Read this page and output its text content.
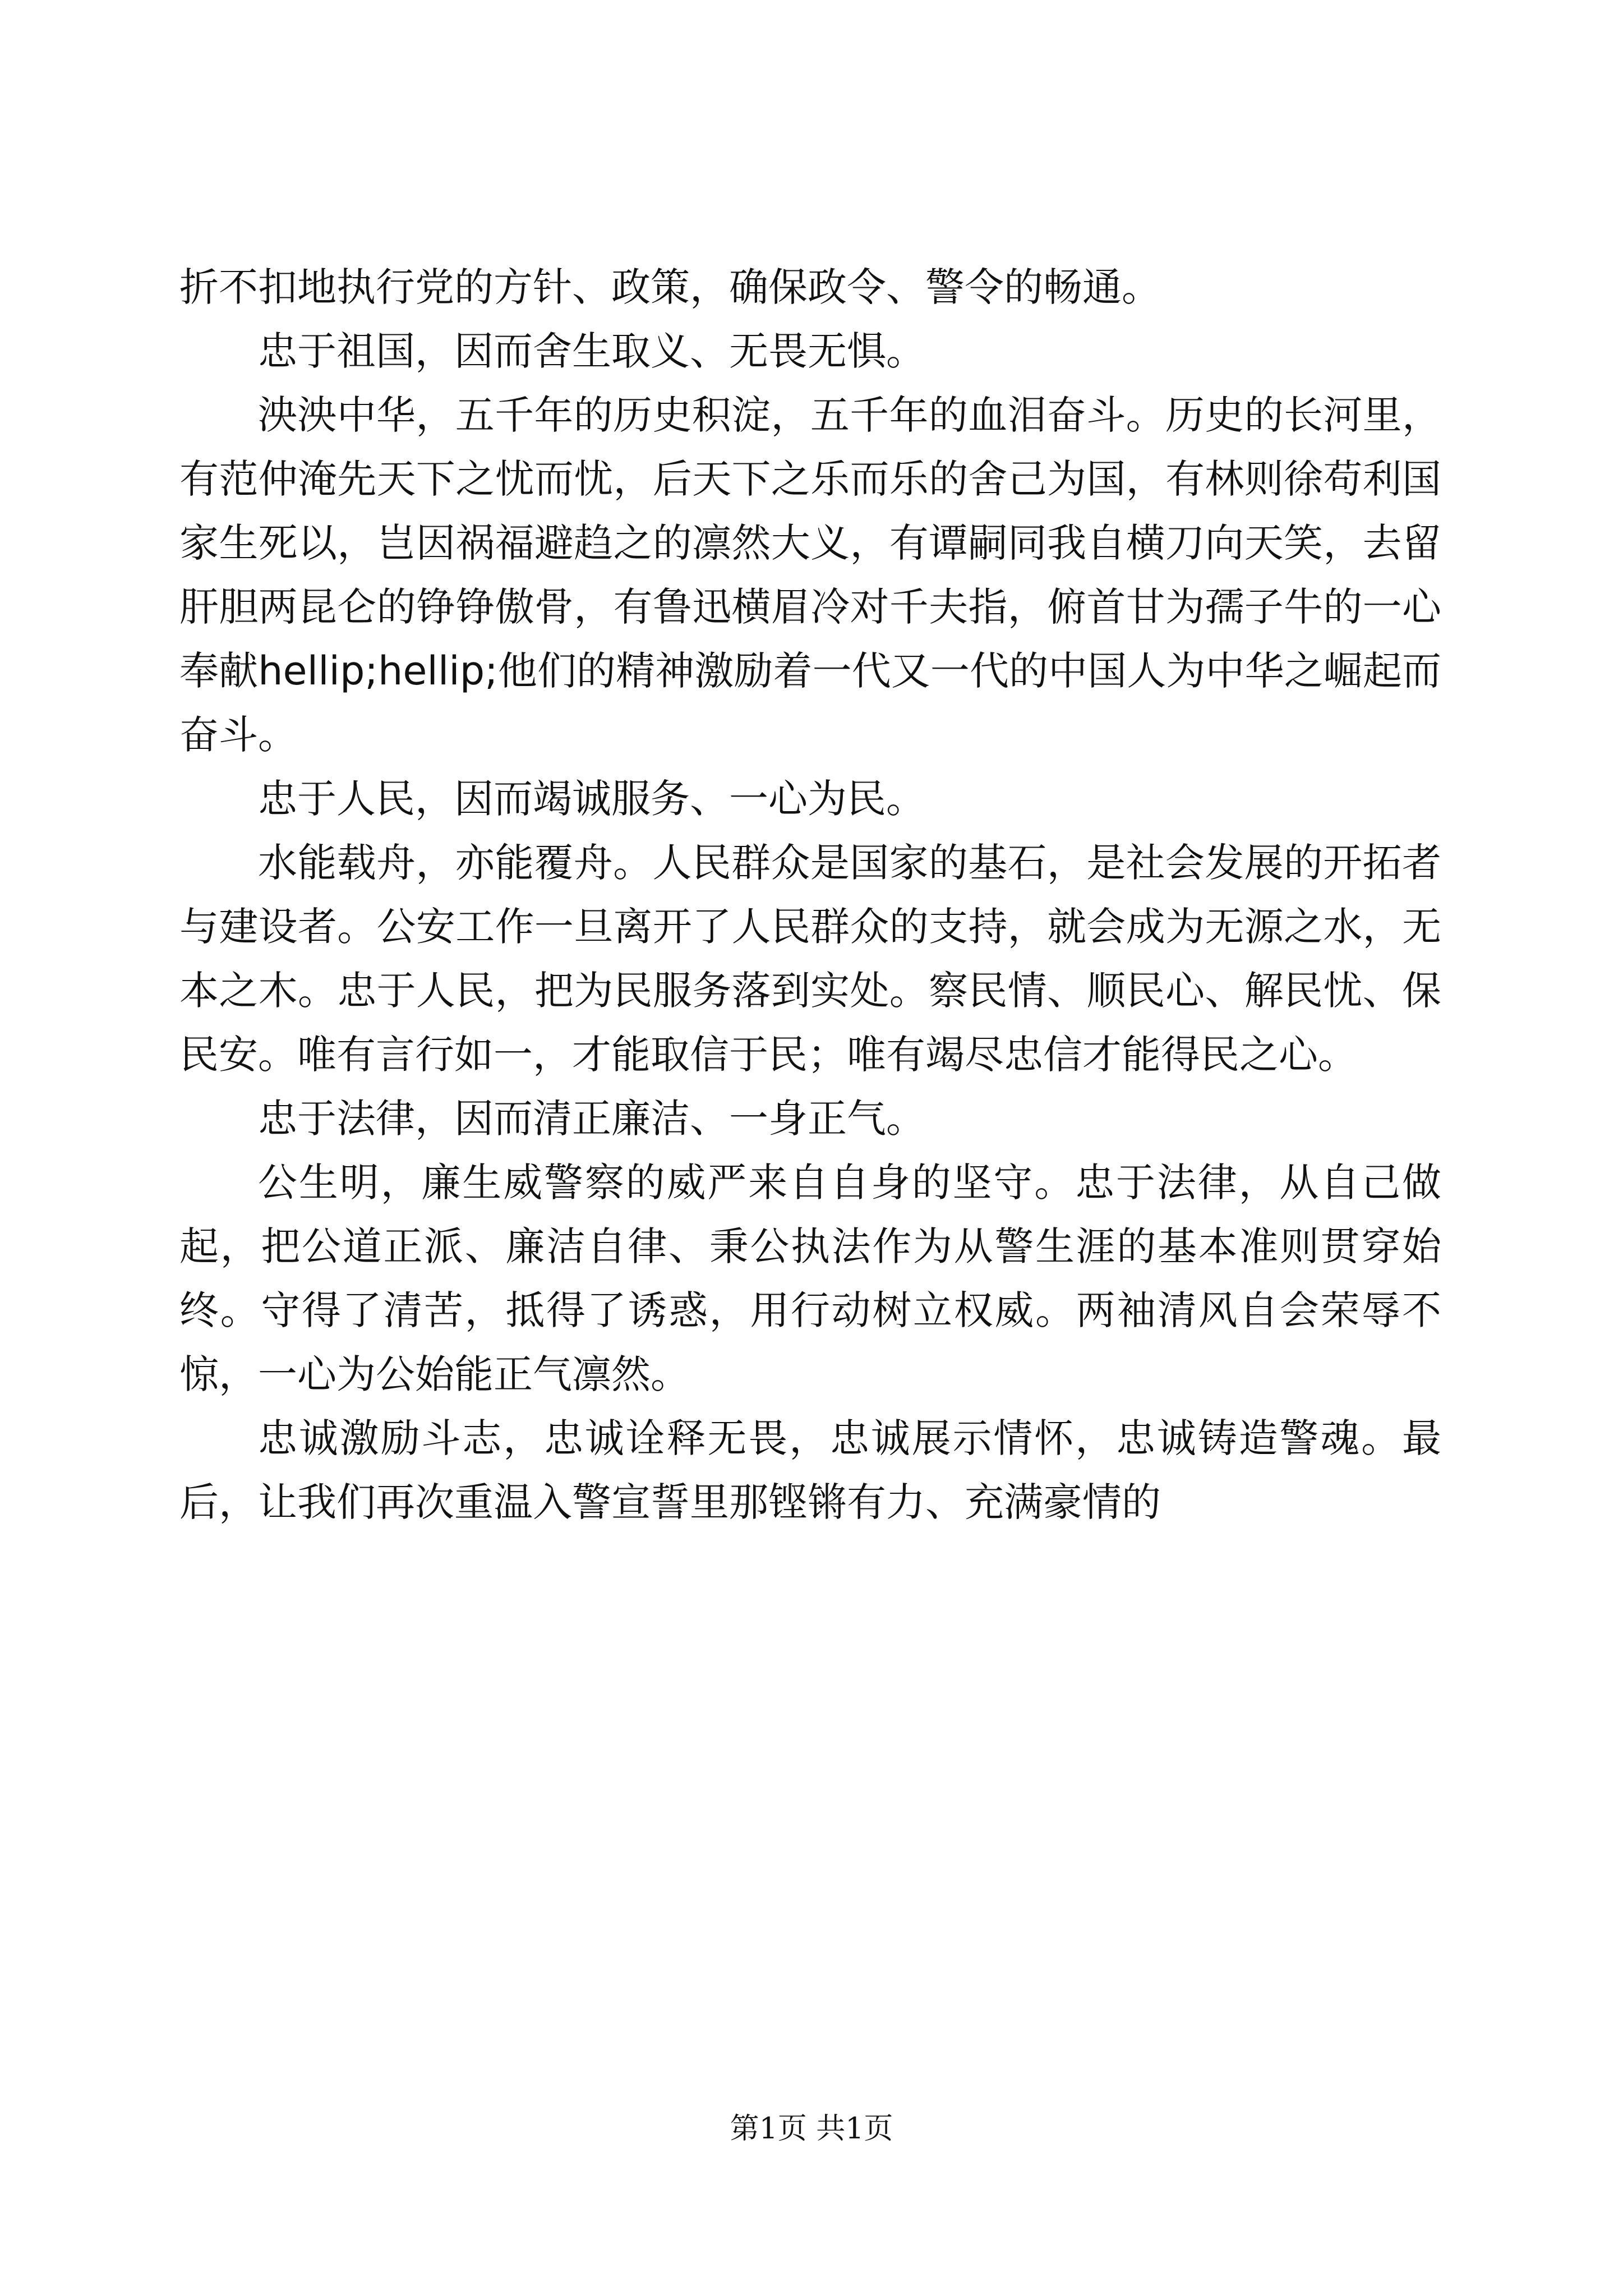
折不扣地执行党的方针、政策，确保政令、警令的畅通。

忠于祖国，因而舍生取义、无畏无惧。

泱泱中华，五千年的历史积淀，五千年的血泪奋斗。历史的长河里，有范仲淹先天下之忧而忧，后天下之乐而乐的舍己为国，有林则徐苟利国家生死以，岂因祸福避趋之的凛然大义，有谭嗣同我自横刀向天笑，去留肝胆两昆仑的铮铮傲骨，有鲁迅横眉冷对千夫指，俯首甘为孺子牛的一心奉献hellip;hellip;他们的精神激励着一代又一代的中国人为中华之崛起而奋斗。

忠于人民，因而竭诚服务、一心为民。

水能载舟，亦能覆舟。人民群众是国家的基石，是社会发展的开拓者与建设者。公安工作一旦离开了人民群众的支持，就会成为无源之水，无本之木。忠于人民，把为民服务落到实处。察民情、顺民心、解民忧、保民安。唯有言行如一，才能取信于民；唯有竭尽忠信才能得民之心。

忠于法律，因而清正廉洁、一身正气。

公生明，廉生威警察的威严来自自身的坚守。忠于法律，从自己做起，把公道正派、廉洁自律、秉公执法作为从警生涯的基本准则贯穿始终。守得了清苦，抵得了诱惑，用行动树立权威。两袖清风自会荣辱不惊，一心为公始能正气凛然。

忠诚激励斗志，忠诚诠释无畏，忠诚展示情怀，忠诚铸造警魂。最后，让我们再次重温入警宣誓里那铿锵有力、充满豪情的

第1页 共1页
